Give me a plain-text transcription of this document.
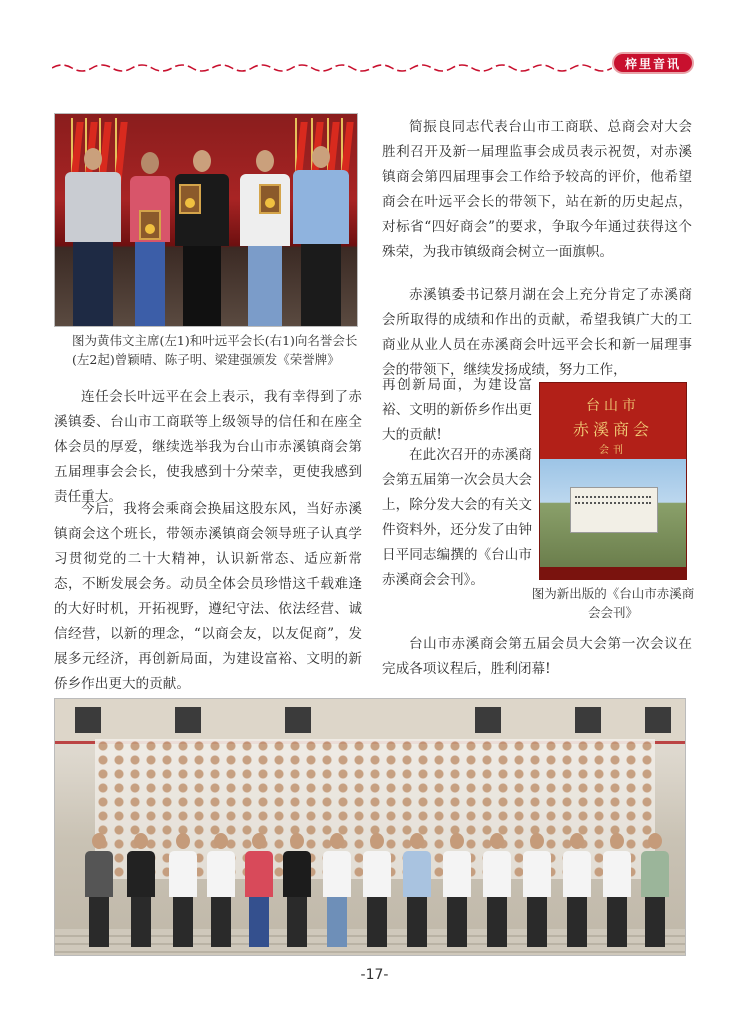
梓里音讯
图为黄伟文主席(左1)和叶远平会长(右1)向名誉会长(左2起)曾颖晴、陈子明、梁建强颁发《荣誉牌》

连任会长叶远平在会上表示，我有幸得到了赤溪镇委、台山市工商联等上级领导的信任和在座全体会员的厚爱，继续选举我为台山市赤溪镇商会第五届理事会会长，使我感到十分荣幸，更使我感到责任重大。

今后，我将会乘商会换届这股东风，当好赤溪镇商会这个班长，带领赤溪镇商会领导班子认真学习贯彻党的二十大精神，认识新常态、适应新常态，不断发展会务。动员全体会员珍惜这千载难逢的大好时机，开拓视野，遵纪守法、依法经营、诚信经营，以新的理念，“以商会友，以友促商”，发展多元经济，再创新局面，为建设富裕、文明的新侨乡作出更大的贡献。

简振良同志代表台山市工商联、总商会对大会胜利召开及新一届理监事会成员表示祝贺，对赤溪镇商会第四届理事会工作给予较高的评价，他希望商会在叶远平会长的带领下，站在新的历史起点，对标省“四好商会”的要求，争取今年通过获得这个殊荣，为我市镇级商会树立一面旗帜。

赤溪镇委书记蔡月湖在会上充分肯定了赤溪商会所取得的成绩和作出的贡献，希望我镇广大的工商业从业人员在赤溪商会叶远平会长和新一届理事会的带领下，继续发扬成绩，努力工作，

再创新局面，为建设富裕、文明的新侨乡作出更大的贡献!

在此次召开的赤溪商会第五届第一次会员大会上，除分发大会的有关文件资料外，还分发了由钟日平同志编撰的《台山市赤溪商会会刊》。

台山市赤溪商会第五届会员大会第一次会议在完成各项议程后，胜利闭幕!

台山市
赤溪商会
会刊
图为新出版的《台山市赤溪商会会刊》
-17-
